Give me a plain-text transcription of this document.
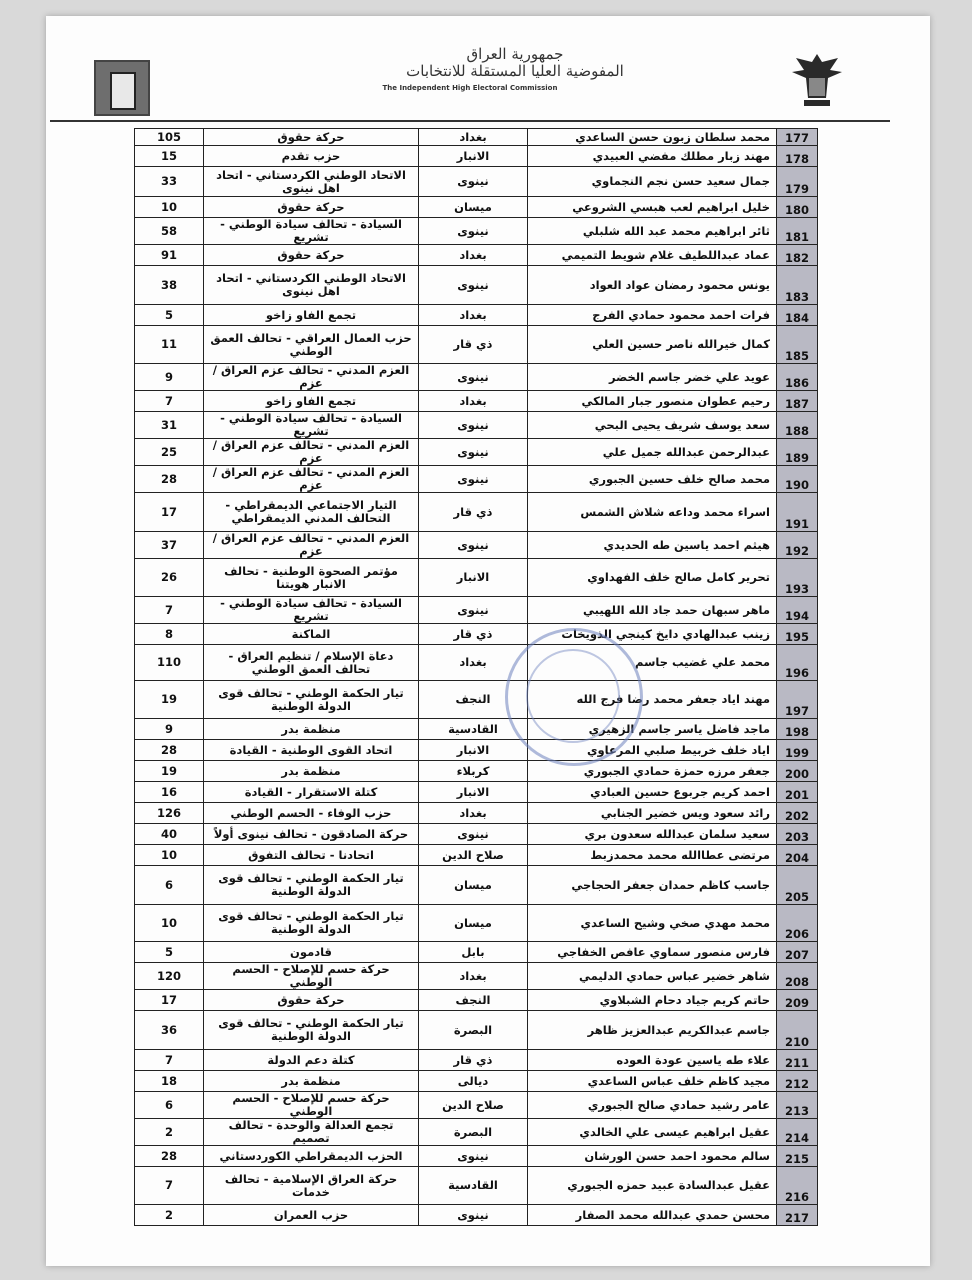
جمهورية العراق
المفوضية العليا المستقلة للانتخابات
The Independent High Electoral Commission
177	محمد سلطان زبون حسن الساعدي	بغداد	حركة حقوق	105
178	مهند زبار مطلك مفضي العبيدي	الانبار	حزب تقدم	15
179	جمال سعيد حسن نجم النجماوي	نينوى	الاتحاد الوطني الكردستاني - اتحاد اهل نينوى	33
180	خليل ابراهيم لعب هبسي الشروعي	ميسان	حركة حقوق	10
181	ثائر ابراهيم محمد عبد الله شلبلي	نينوى	السيادة - تحالف سيادة الوطني - تشريع	58
182	عماد عبداللطيف غلام شويط التميمي	بغداد	حركة حقوق	91
183	يونس محمود رمضان عواد العواد	نينوى	الاتحاد الوطني الكردستاني - اتحاد اهل نينوى	38
184	فرات احمد محمود حمادي الفرج	بغداد	تجمع الفاو زاخو	5
185	كمال خيرالله ناصر حسين العلي	ذي قار	حزب العمال العراقي - تحالف العمق الوطني	11
186	عويد علي خضر جاسم الخضر	نينوى	العزم المدني - تحالف عزم العراق /عزم	9
187	رحيم عطوان منصور جبار المالكي	بغداد	تجمع الفاو زاخو	7
188	سعد يوسف شريف يحيى البحي	نينوى	السيادة - تحالف سيادة الوطني - تشريع	31
189	عبدالرحمن عبدالله جميل علي	نينوى	العزم المدني - تحالف عزم العراق /عزم	25
190	محمد صالح خلف حسين الجبوري	نينوى	العزم المدني - تحالف عزم العراق /عزم	28
191	اسراء محمد وداعه شلاش الشمس	ذي قار	التيار الاجتماعي الديمقراطي - التحالف المدني الديمقراطي	17
192	هيثم احمد ياسين طه الحديدي	نينوى	العزم المدني - تحالف عزم العراق /عزم	37
193	تحرير كامل صالح خلف الفهداوي	الانبار	مؤتمر الصحوة الوطنية - تحالف الانبار هويتنا	26
194	ماهر سبهان حمد جاد الله اللهيبي	نينوى	السيادة - تحالف سيادة الوطني - تشريع	7
195	زينب عبدالهادي دايخ كينجي الذويخات	ذي قار	الماكنة	8
196	محمد علي غضيب جاسم	بغداد	دعاة الإسلام / تنظيم العراق - تحالف العمق الوطني	110
197	مهند اياد جعفر محمد رضا فرج الله	النجف	تيار الحكمة الوطني - تحالف قوى الدولة الوطنية	19
198	ماجد فاضل ياسر جاسم الزهيري	القادسية	منظمة بدر	9
199	اياد خلف خربيط صلبي المرعاوي	الانبار	اتحاد القوى الوطنية - القيادة	28
200	جعفر مرزه حمزة حمادي الجبوري	كربلاء	منظمة بدر	19
201	احمد كريم جربوع حسين العبادي	الانبار	كتلة الاستقرار - القيادة	16
202	رائد سعود ويس خضير الجنابي	بغداد	حزب الوفاء - الحسم الوطني	126
203	سعيد سلمان عبدالله سعدون بري	نينوى	حركة الصادقون - تحالف نينوى أولاً	40
204	مرتضى عطاالله محمد محمدزبط	صلاح الدين	اتحادنا - تحالف التفوق	10
205	جاسب كاظم حمدان جعفر الحجاجي	ميسان	تيار الحكمة الوطني - تحالف قوى الدولة الوطنية	6
206	محمد مهدي صخي وشيح الساعدي	ميسان	تيار الحكمة الوطني - تحالف قوى الدولة الوطنية	10
207	فارس منصور سماوي عافص الخفاجي	بابل	قادمون	5
208	شاهر خضير عباس حمادي الدليمي	بغداد	حركة حسم للإصلاح - الحسم الوطني	120
209	حاتم كريم جياد دحام الشبلاوي	النجف	حركة حقوق	17
210	جاسم عبدالكريم عبدالعزيز ظاهر	البصرة	تيار الحكمة الوطني - تحالف قوى الدولة الوطنية	36
211	علاء طه ياسين عودة العوده	ذي قار	كتلة دعم الدولة	7
212	مجيد كاظم خلف عباس الساعدي	ديالى	منظمة بدر	18
213	عامر رشيد حمادي صالح الجبوري	صلاح الدين	حركة حسم للإصلاح - الحسم الوطني	6
214	عقيل ابراهيم عيسى علي الخالدي	البصرة	تجمع العدالة والوحدة - تحالف تصميم	2
215	سالم محمود احمد حسن الورشان	نينوى	الحزب الديمقراطي الكوردستاني	28
216	عقيل عبدالسادة عبيد حمزه الجبوري	القادسية	حركة العراق الإسلامية - تحالف خدمات	7
217	محسن حمدي عبدالله محمد الصفار	نينوى	حزب العمران	2
